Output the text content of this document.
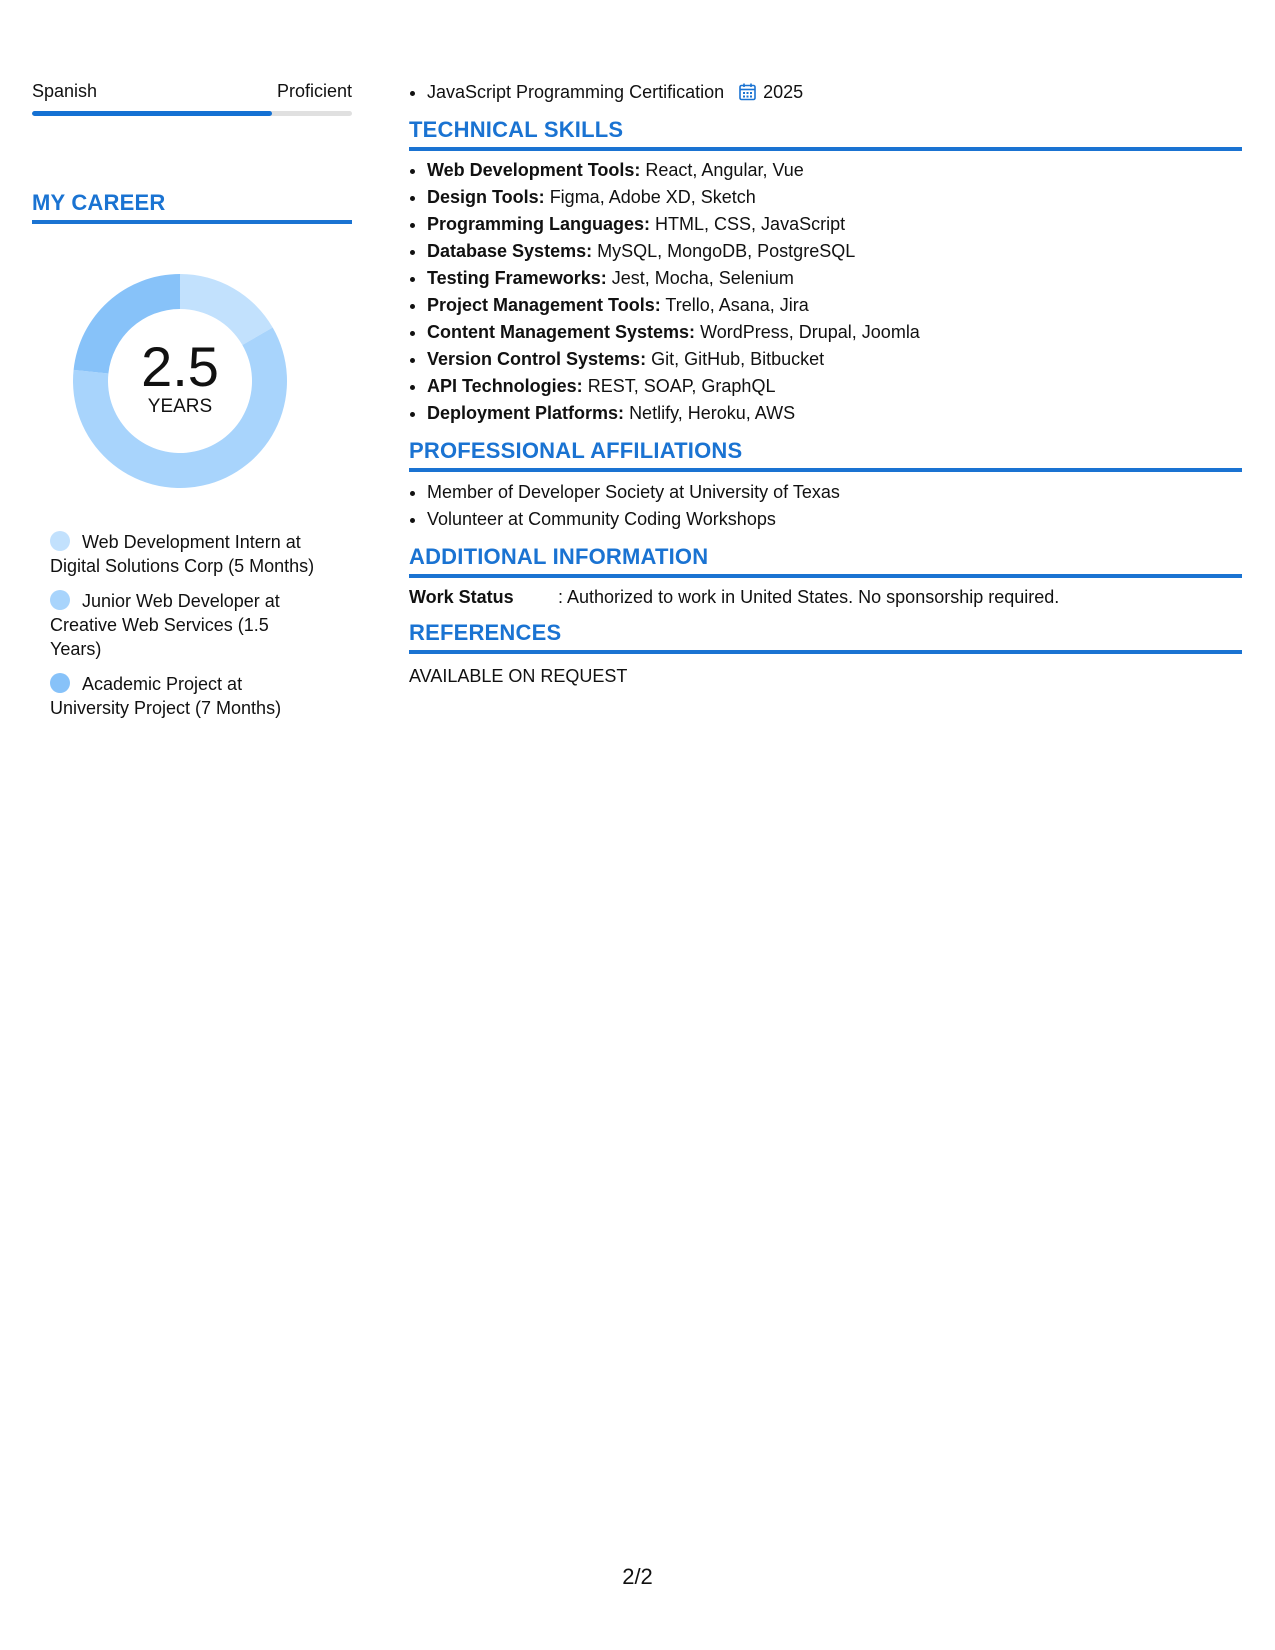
Spanish	Proficient
MY CAREER
2.5
YEARS
Web Development Intern at Digital Solutions Corp (5 Months)
Junior Web Developer at Creative Web Services (1.5 Years)
Academic Project at University Project (7 Months)
• JavaScript Programming Certification 2025
TECHNICAL SKILLS
• Web Development Tools: React, Angular, Vue
• Design Tools: Figma, Adobe XD, Sketch
• Programming Languages: HTML, CSS, JavaScript
• Database Systems: MySQL, MongoDB, PostgreSQL
• Testing Frameworks: Jest, Mocha, Selenium
• Project Management Tools: Trello, Asana, Jira
• Content Management Systems: WordPress, Drupal, Joomla
• Version Control Systems: Git, GitHub, Bitbucket
• API Technologies: REST, SOAP, GraphQL
• Deployment Platforms: Netlify, Heroku, AWS
PROFESSIONAL AFFILIATIONS
• Member of Developer Society at University of Texas
• Volunteer at Community Coding Workshops
ADDITIONAL INFORMATION
Work Status	: Authorized to work in United States. No sponsorship required.
REFERENCES
AVAILABLE ON REQUEST
2/2
